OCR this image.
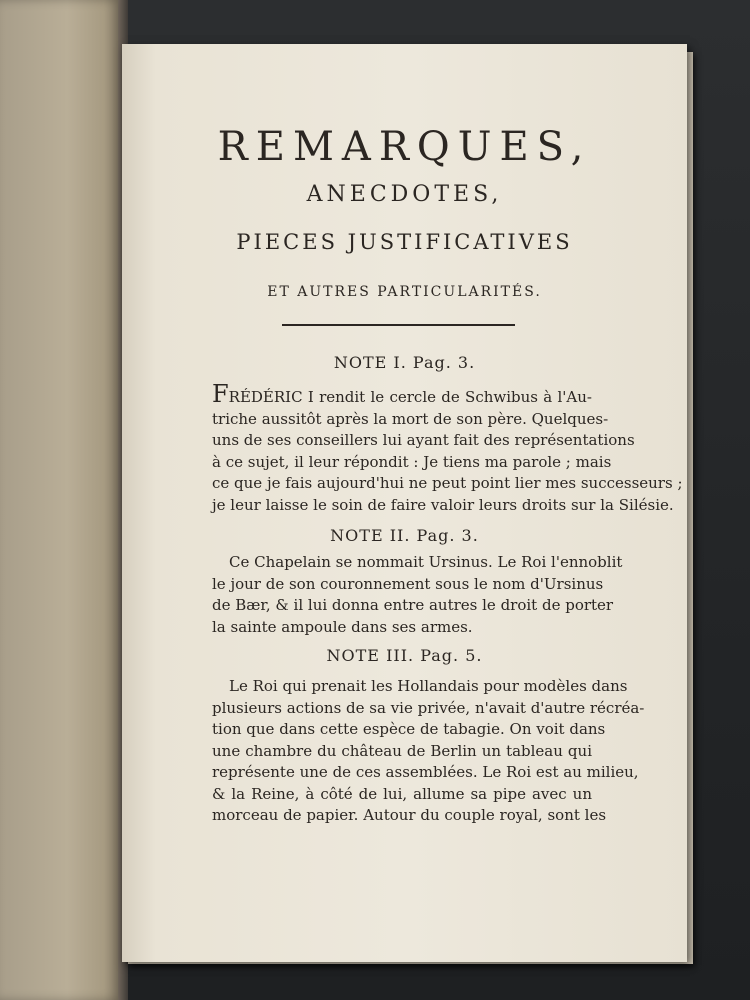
REMARQUES,
ANECDOTES,
PIECES JUSTIFICATIVES
ET AUTRES PARTICULARITÉS.
NOTE I. Pag. 3.
FRÉDÉRIC I rendit le cercle de Schwibus à l'Au-
triche aussitôt après la mort de son père. Quelques-
uns de ses conseillers lui ayant fait des représentations
à ce sujet, il leur répondit : Je tiens ma parole ; mais
ce que je fais aujourd'hui ne peut point lier mes successeurs ;
je leur laisse le soin de faire valoir leurs droits sur la Silésie.
NOTE II. Pag. 3.
Ce Chapelain se nommait Ursinus. Le Roi l'ennoblit
le jour de son couronnement sous le nom d'Ursinus
de Bær, & il lui donna entre autres le droit de porter
la sainte ampoule dans ses armes.
NOTE III. Pag. 5.
Le Roi qui prenait les Hollandais pour modèles dans
plusieurs actions de sa vie privée, n'avait d'autre récréa-
tion que dans cette espèce de tabagie. On voit dans
une chambre du château de Berlin un tableau qui
représente une de ces assemblées. Le Roi est au milieu,
& la Reine, à côté de lui, allume sa pipe avec un
morceau de papier. Autour du couple royal, sont les
